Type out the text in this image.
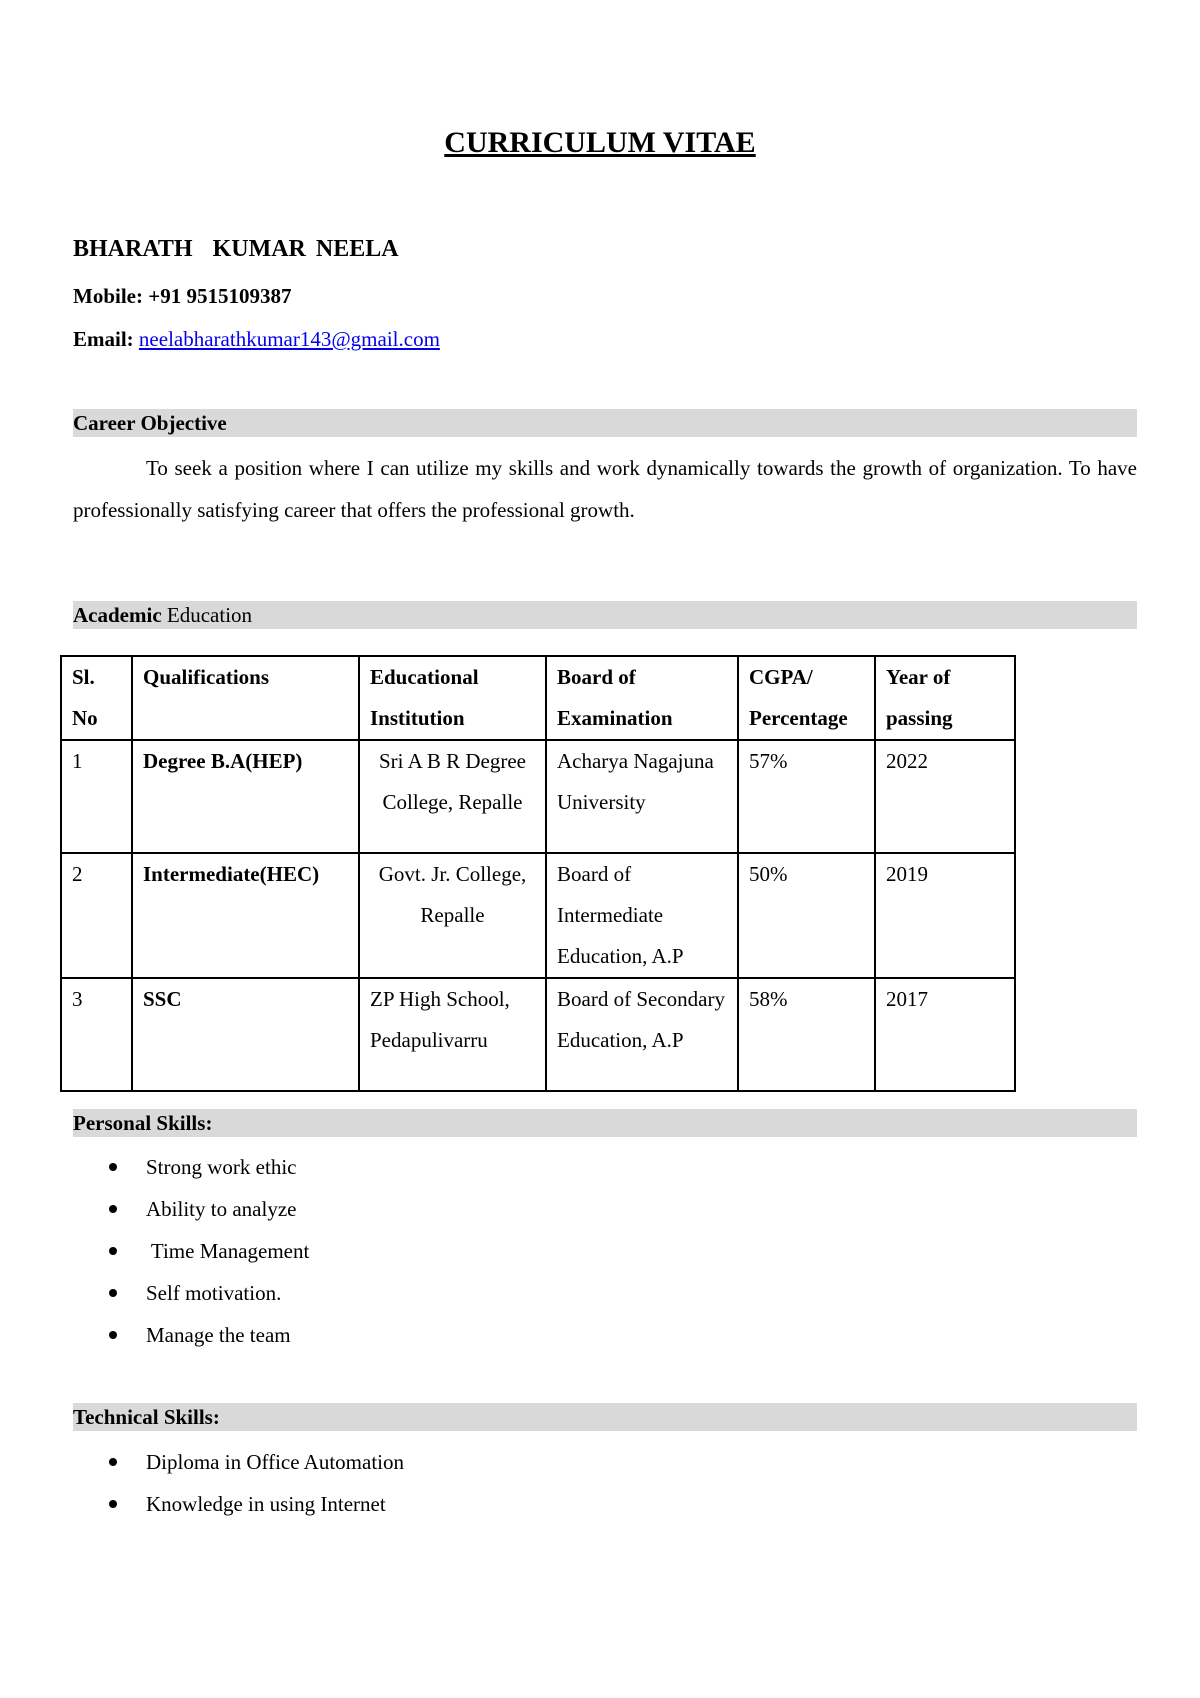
CURRICULUM VITAE
BHARATH  KUMAR NEELA
Mobile: +91 9515109387
Email: neelabharathkumar143@gmail.com
Career Objective
To seek a position where I can utilize my skills and work dynamically towards the growth of organization. To have professionally satisfying career that offers the professional growth.
Academic Education
Sl. No	Qualifications	Educational Institution	Board of Examination	CGPA/ Percentage	Year of passing
1	Degree B.A(HEP)	Sri A B R Degree College, Repalle	Acharya Nagajuna University	57%	2022
2	Intermediate(HEC)	Govt. Jr. College, Repalle	Board of Intermediate Education, A.P	50%	2019
3	SSC	ZP High School, Pedapulivarru	Board of Secondary Education, A.P	58%	2017
Personal Skills:
Strong work ethic
Ability to analyze
Time Management
Self motivation.
Manage the team
Technical Skills:
Diploma in Office Automation
Knowledge in using Internet
